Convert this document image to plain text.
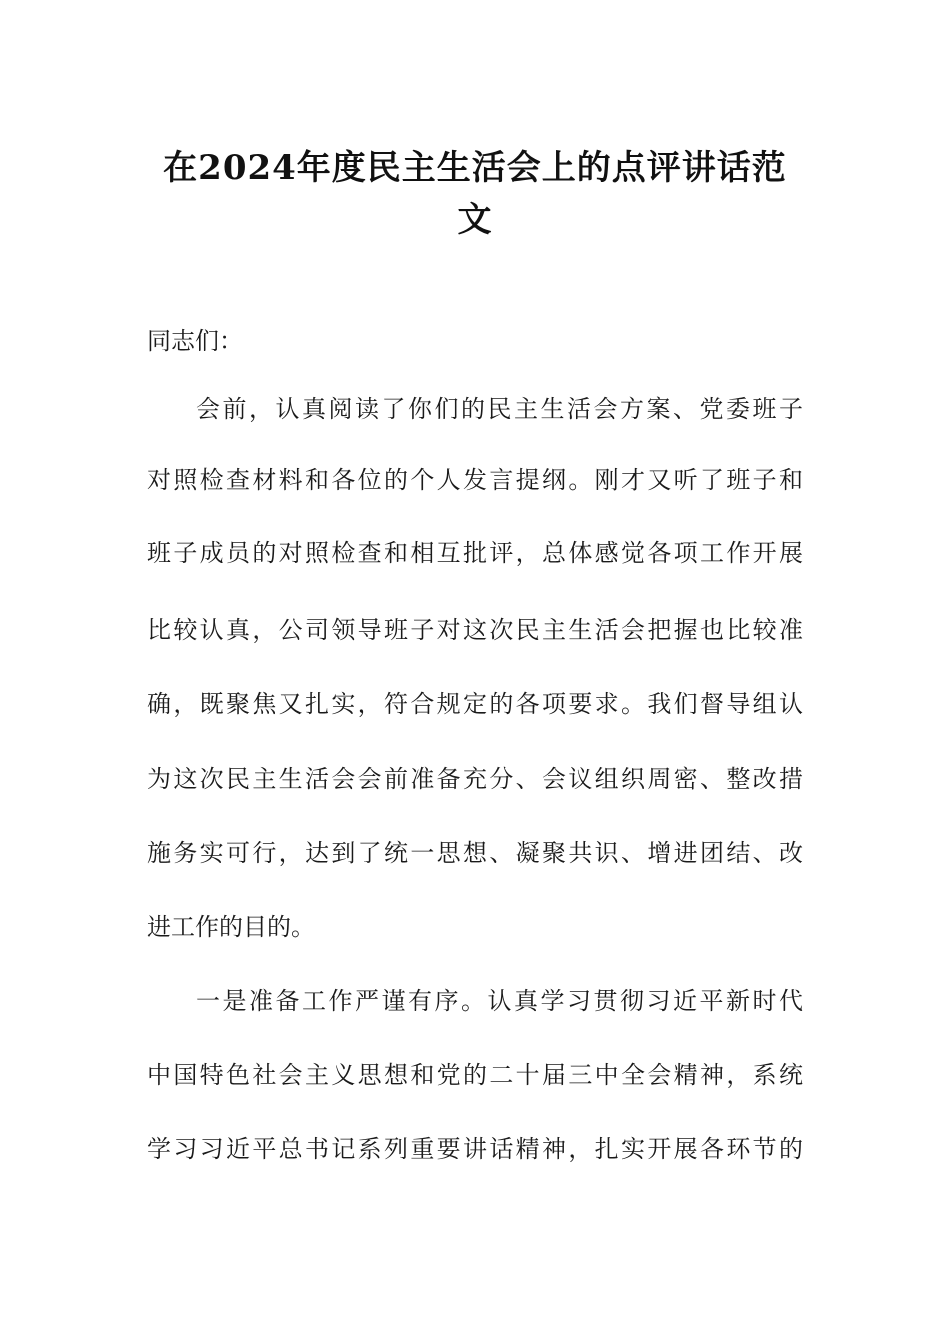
在2024年度民主生活会上的点评讲话范
文
同志们：
会前，认真阅读了你们的民主生活会方案、党委班子
对照检查材料和各位的个人发言提纲。刚才又听了班子和
班子成员的对照检查和相互批评，总体感觉各项工作开展
比较认真，公司领导班子对这次民主生活会把握也比较准
确，既聚焦又扎实，符合规定的各项要求。我们督导组认
为这次民主生活会会前准备充分、会议组织周密、整改措
施务实可行，达到了统一思想、凝聚共识、增进团结、改
进工作的目的。
一是准备工作严谨有序。认真学习贯彻习近平新时代
中国特色社会主义思想和党的二十届三中全会精神，系统
学习习近平总书记系列重要讲话精神，扎实开展各环节的
